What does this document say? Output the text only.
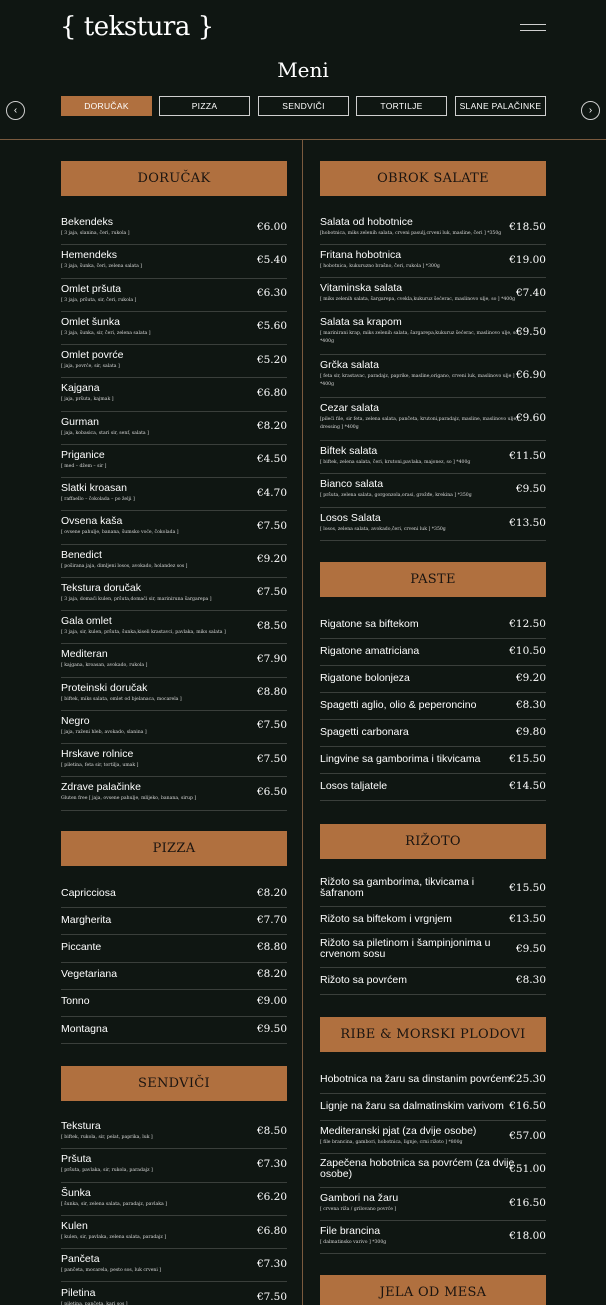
{ tekstura }
Meni
‹	DORUČAK	PIZZA	SENDVIČI	TORTILJE	SLANE PALAČINKE	›
DORUČAK
Bekendeks
[ 3 jaja, slanina, čeri, rukola ]
€6.00
Hemendeks
[ 3 jaja, šunka, čeri, zelena salata ]
€5.40
Omlet pršuta
[ 3 jaja, pršuta, sir, čeri, rukola ]
€6.30
Omlet šunka
[ 3 jaja, šunka, sir, čeri, zelena salata ]
€5.60
Omlet povrće
[ jaja, povrće, sir, salata ]
€5.20
Kajgana
[ jaja, pršuta, kajmak ]
€6.80
Gurman
[ jaja, kobasica, stari sir, senf, salata ]
€8.20
Priganice
[ med – džem – sir ]
€4.50
Slatki kroasan
[ raffaello – čokolada – po želji ]
€4.70
Ovsena kaša
[ ovsene pahulje, banana, šumsko voće, čokolada ]
€7.50
Benedict
[ poširana jaja, dimljeni losos, avokado, holandez sos ]
€9.20
Tekstura doručak
[ 3 jaja, domaći kulen, pršuta,domaći sir, mariniruna šargarepa ]
€7.50
Gala omlet
[ 3 jaja, sir, kulen, pršuta, šunka,kiseli krastavci, pavlaka, miks salata ]
€8.50
Mediteran
[ kajgana, kroasan, avokado, rukola ]
€7.90
Proteinski doručak
[ biftek, miks salata, omlet od bjelanaca, mocarela ]
€8.80
Negro
[ jaja, raženi hleb, avokado, slanina ]
€7.50
Hrskave rolnice
[ piletina, feta sir, tortilja, umak ]
€7.50
Zdrave palačinke
Gluten free [ jaja, ovsene pahulje, mlijeko, banana, sirup ]
€6.50
PIZZA
Capricciosa	€8.20
Margherita	€7.70
Piccante	€8.80
Vegetariana	€8.20
Tonno	€9.00
Montagna	€9.50
SENDVIČI
Tekstura
[ biftek, rukola, sir, pelat, paprika, luk ]
€8.50
Pršuta
[ pršuta, pavlaka, sir, rukola, paradajz ]
€7.30
Šunka
[ šunka, sir, zelena salata, paradajz, pavlaka ]
€6.20
Kulen
[ kulen, sir, pavlaka, zelena salata, paradajz ]
€6.80
Pančeta
[ pančeta, mocarela, pesto sos, luk crveni ]
€7.30
Piletina
[ piletina, pančeta, kari sos ]
€7.50
OBROK SALATE
Salata od hobotnice
[hobotnica, miks zelenih salata, crveni pasulj,crveni luk, masline, čeri ] *350g
€18.50
Fritana hobotnica
[ hobotnica, kukuruzno brašno, čeri, rukola ] *300g
€19.00
Vitaminska salata
[ miks zelenih salata, šargarepa, cvekla,kukuruz šećerac, maslinovo ulje, so ] *400g
€7.40
Salata sa krapom
[ marinirani krap, miks zelenih salata, šargarepa,kukuruz šećerac, maslinovo ulje, so ]
*400g
€9.50
Grčka salata
[ feta sir, krastavac, paradajz, paprike, masline,origano, crveni luk, maslinovo ulje ]
*400g
€6.90
Cezar salata
[pileći file, sir feta, zelena salata, pančeta, krutoni,paradajz, masline, maslinovo ulje,
dressing ] *400g
€9.60
Biftek salata
[ biftek, zelena salata, čeri, krutoni,pavlaka, majonez, so ] *400g
€11.50
Bianco salata
[ pršuta, zelena salata, gorgonzola,orasi, grožđe, krekina ] *350g
€9.50
Losos Salata
[ losos, zelena salata, avokado,čeri, crveni luk ] *350g
€13.50
PASTE
Rigatone sa biftekom	€12.50
Rigatone amatriciana	€10.50
Rigatone bolonjeza	€9.20
Spagetti aglio, olio & peperoncino	€8.30
Spagetti carbonara	€9.80
Lingvine sa gamborima i tikvicama	€15.50
Losos taljatele	€14.50
RIŽOTO
Rižoto sa gamborima, tikvicama i
šafranom	€15.50
Rižoto sa biftekom i vrgnjem	€13.50
Rižoto sa piletinom i šampinjonima u
crvenom sosu	€9.50
Rižoto sa povrćem	€8.30
RIBE & MORSKI PLODOVI
Hobotnica na žaru sa dinstanim povrćem
€25.30
Lignje na žaru sa dalmatinskim varivom €16.50
Mediteranski pjat (za dvije osobe)
[ file brancina, gambori, hobotnica, lignje, crni rižoto ] *800g
€57.00
Zapečena hobotnica sa povrćem (za dvije
osobe)	€51.00
Gambori na žaru
[ crvena rižа / grilovano povrće ]
€16.50
File brancina
[ dalmatinsko varivo ] *300g
€18.00
JELA OD MESA
